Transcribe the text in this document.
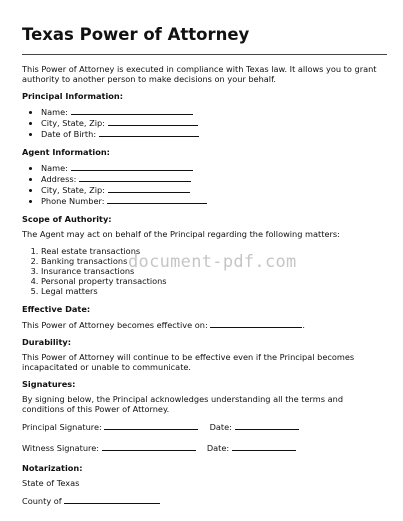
Texas Power of Attorney

This Power of Attorney is executed in compliance with Texas law. It allows you to grant authority to another person to make decisions on your behalf.

Principal Information:
• Name:
• City, State, Zip:
• Date of Birth:
Agent Information:
• Name:
• Address:
• City, State, Zip:
• Phone Number:
Scope of Authority:

The Agent may act on behalf of the Principal regarding the following matters:

1. Real estate transactions
2. Banking transactions
3. Insurance transactions
4. Personal property transactions
5. Legal matters
Effective Date:

This Power of Attorney becomes effective on:	.

Durability:

This Power of Attorney will continue to be effective even if the Principal becomes incapacitated or unable to communicate.

Signatures:

By signing below, the Principal acknowledges understanding all the terms and conditions of this Power of Attorney.

Principal Signature:	Date:
Witness Signature:	Date:
Notarization:

State of Texas

County of

document-pdf.com
